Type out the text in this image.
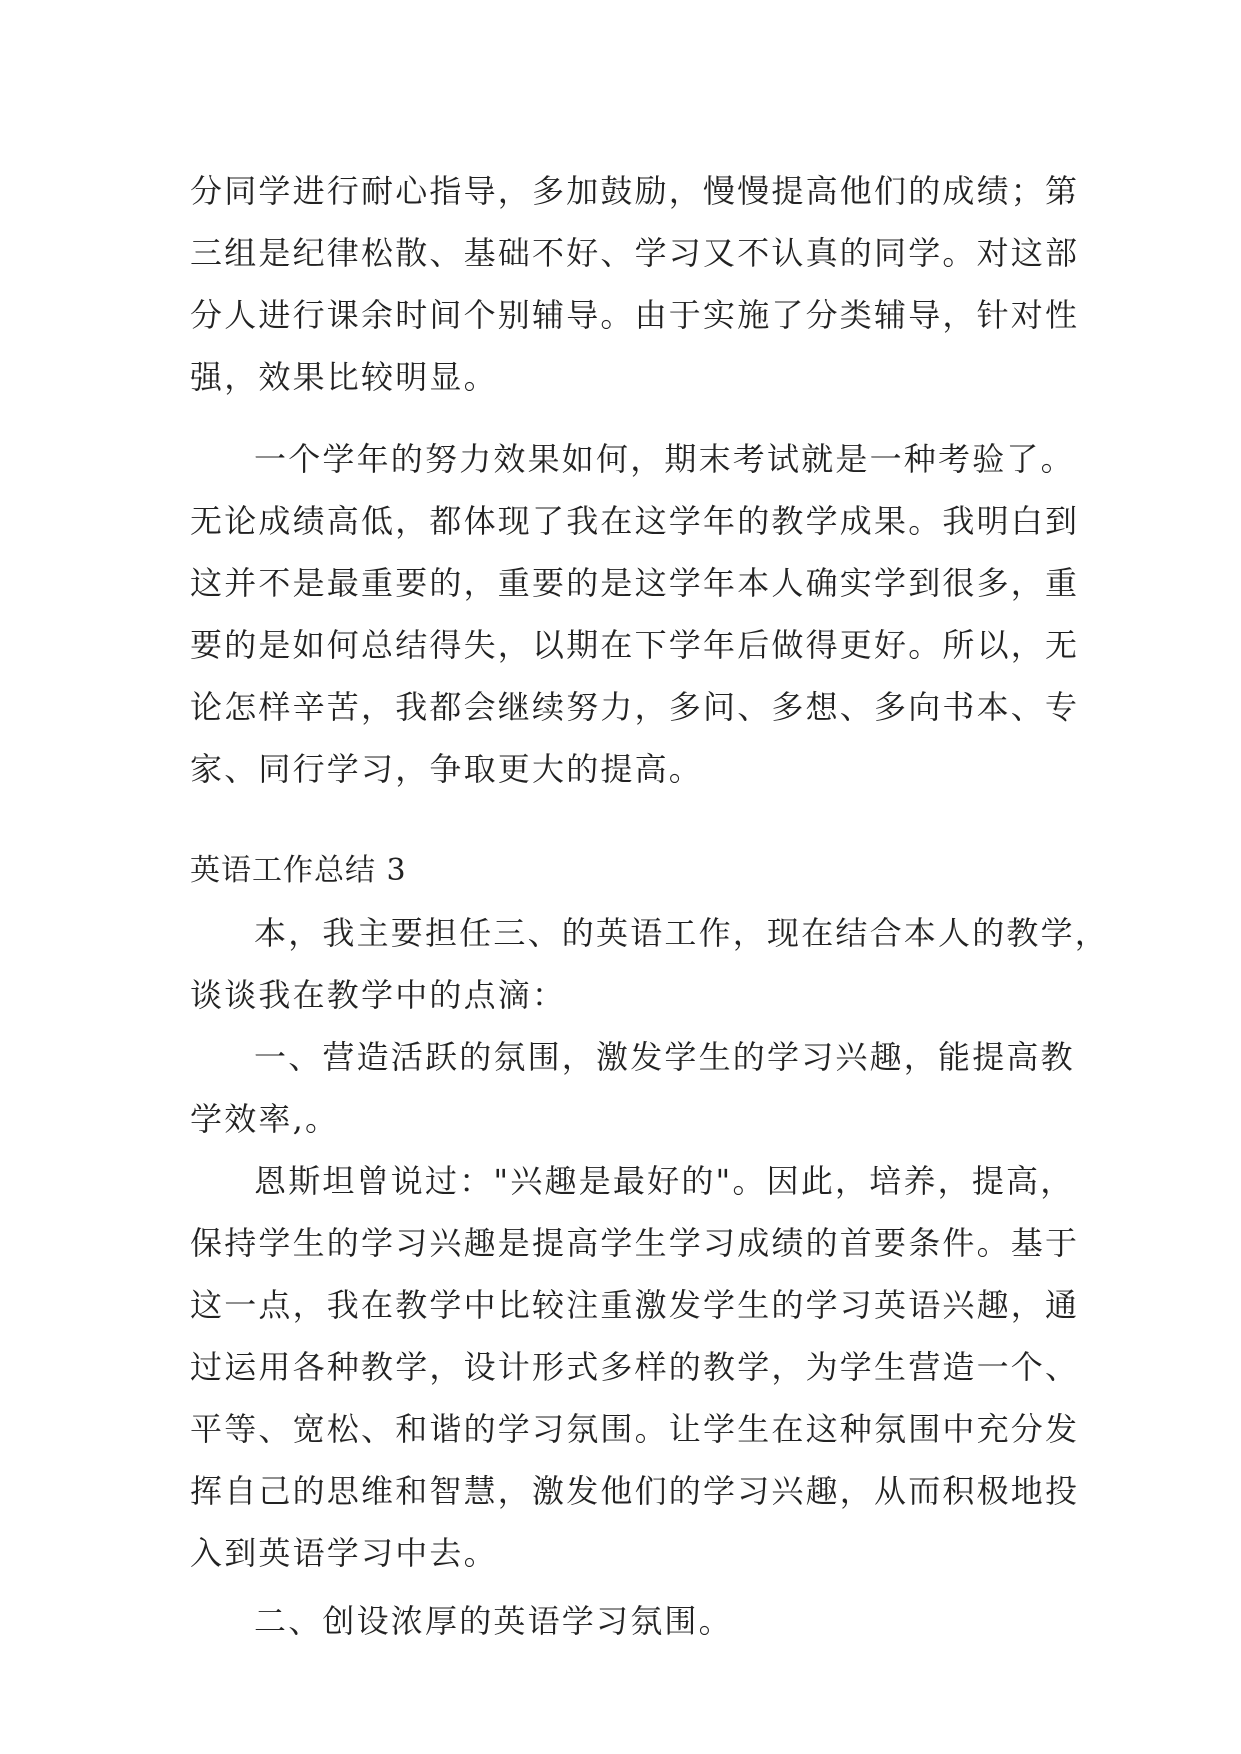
分同学进行耐心指导，多加鼓励，慢慢提高他们的成绩；第
三组是纪律松散、基础不好、学习又不认真的同学。对这部
分人进行课余时间个别辅导。由于实施了分类辅导，针对性
强，效果比较明显。
一个学年的努力效果如何，期末考试就是一种考验了。
无论成绩高低，都体现了我在这学年的教学成果。我明白到
这并不是最重要的，重要的是这学年本人确实学到很多，重
要的是如何总结得失，以期在下学年后做得更好。所以，无
论怎样辛苦，我都会继续努力，多问、多想、多向书本、专
家、同行学习，争取更大的提高。
英语工作总结 3
本，我主要担任三、的英语工作，现在结合本人的教学，
谈谈我在教学中的点滴：
一、营造活跃的氛围，激发学生的学习兴趣，能提高教
学效率,。
恩斯坦曾说过："兴趣是最好的"。因此，培养，提高，
保持学生的学习兴趣是提高学生学习成绩的首要条件。基于
这一点，我在教学中比较注重激发学生的学习英语兴趣，通
过运用各种教学，设计形式多样的教学，为学生营造一个、
平等、宽松、和谐的学习氛围。让学生在这种氛围中充分发
挥自己的思维和智慧，激发他们的学习兴趣，从而积极地投
入到英语学习中去。
二、创设浓厚的英语学习氛围。
